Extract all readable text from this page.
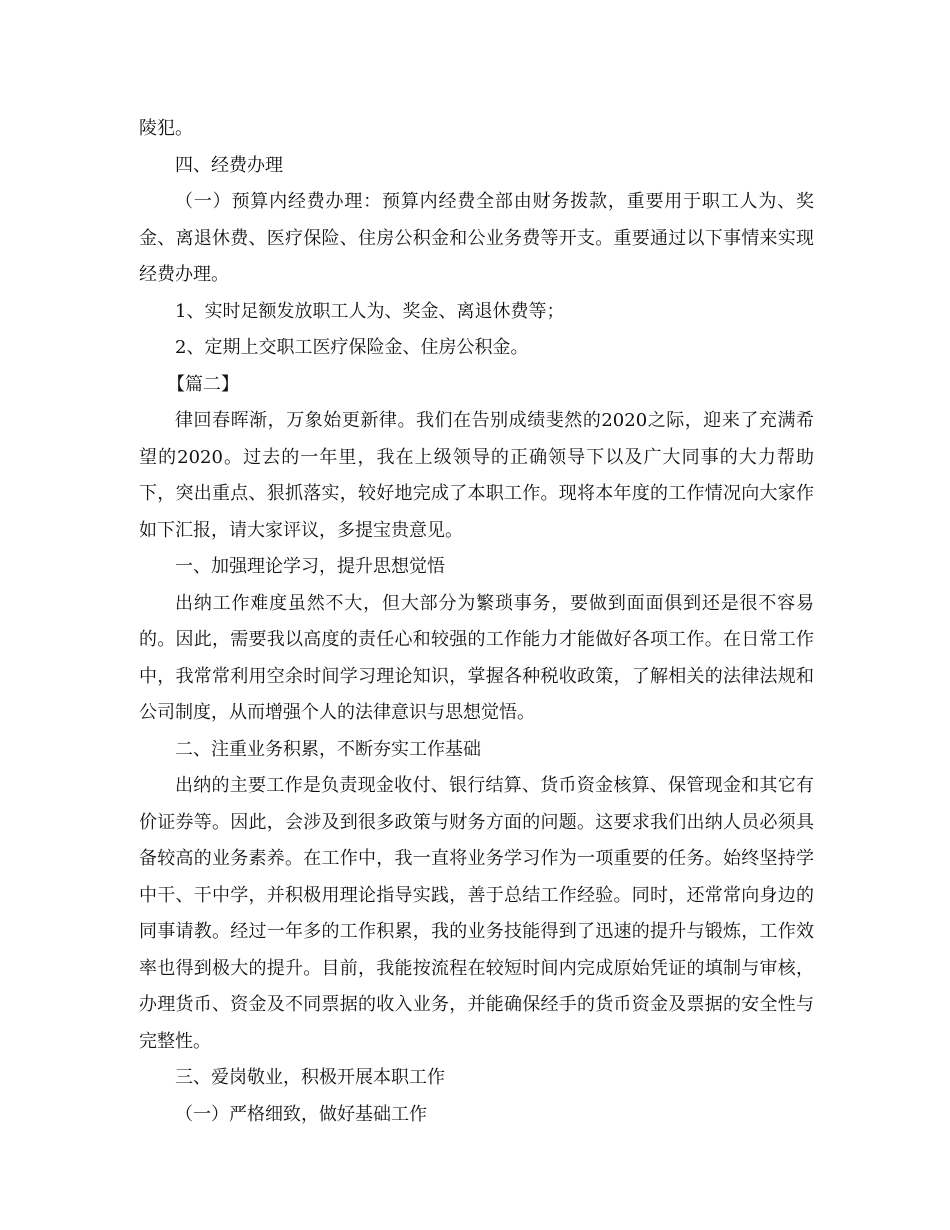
陵犯。

四、经费办理

（一）预算内经费办理：预算内经费全部由财务拨款，重要用于职工人为、奖金、离退休费、医疗保险、住房公积金和公业务费等开支。重要通过以下事情来实现经费办理。

1、实时足额发放职工人为、奖金、离退休费等；

2、定期上交职工医疗保险金、住房公积金。

【篇二】

律回春晖渐，万象始更新律。我们在告别成绩斐然的2020之际，迎来了充满希望的2020。过去的一年里，我在上级领导的正确领导下以及广大同事的大力帮助下，突出重点、狠抓落实，较好地完成了本职工作。现将本年度的工作情况向大家作如下汇报，请大家评议，多提宝贵意见。

一、加强理论学习，提升思想觉悟

出纳工作难度虽然不大，但大部分为繁琐事务，要做到面面俱到还是很不容易的。因此，需要我以高度的责任心和较强的工作能力才能做好各项工作。在日常工作中，我常常利用空余时间学习理论知识，掌握各种税收政策，了解相关的法律法规和公司制度，从而增强个人的法律意识与思想觉悟。

二、注重业务积累，不断夯实工作基础

出纳的主要工作是负责现金收付、银行结算、货币资金核算、保管现金和其它有价证券等。因此，会涉及到很多政策与财务方面的问题。这要求我们出纳人员必须具备较高的业务素养。在工作中，我一直将业务学习作为一项重要的任务。始终坚持学中干、干中学，并积极用理论指导实践，善于总结工作经验。同时，还常常向身边的同事请教。经过一年多的工作积累，我的业务技能得到了迅速的提升与锻炼，工作效率也得到极大的提升。目前，我能按流程在较短时间内完成原始凭证的填制与审核，办理货币、资金及不同票据的收入业务，并能确保经手的货币资金及票据的安全性与完整性。

三、爱岗敬业，积极开展本职工作

（一）严格细致，做好基础工作
